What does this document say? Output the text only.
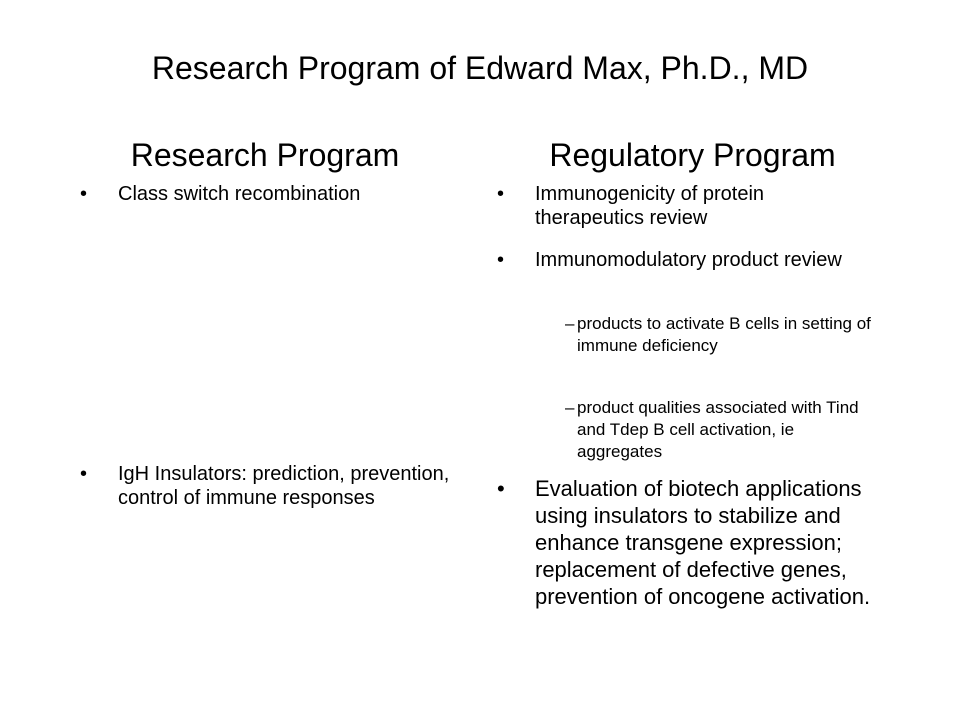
Research Program of Edward Max, Ph.D., MD
Research Program	Regulatory Program
• Class switch recombination
• IgH Insulators: prediction, prevention, control of immune responses
• Immunogenicity of protein therapeutics review
• Immunomodulatory product review
– products to activate B cells in setting of immune deficiency
– product qualities associated with Tind and Tdep B cell activation, ie aggregates
• Evaluation of biotech applications using insulators to stabilize and enhance transgene expression; replacement of defective genes, prevention of oncogene activation.
